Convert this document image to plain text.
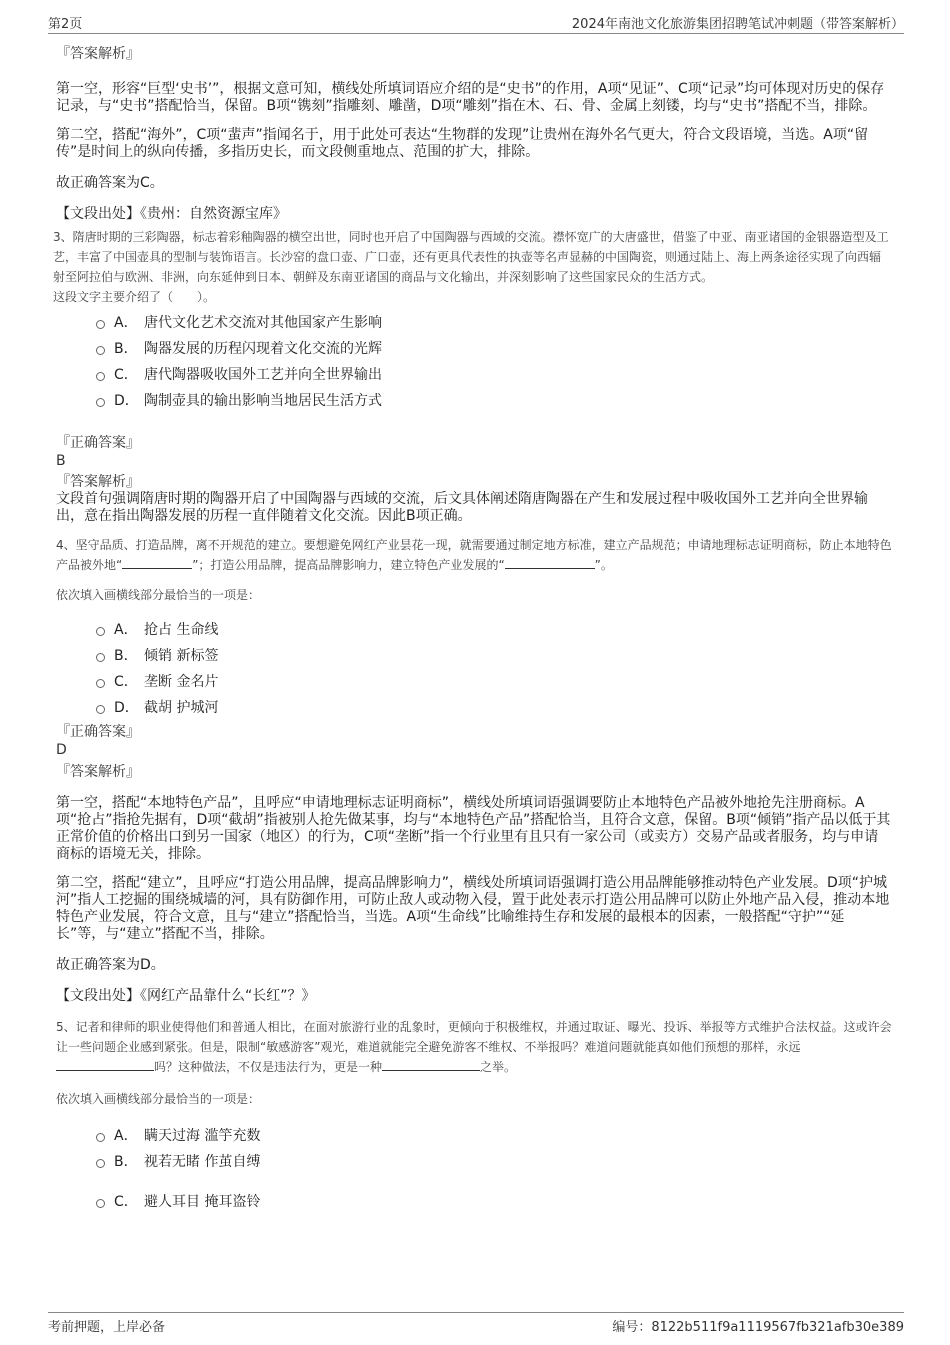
第2页	2024年南池文化旅游集团招聘笔试冲刺题（带答案解析）
『答案解析』

第一空，形容“巨型‘史书’”，根据文意可知，横线处所填词语应介绍的是“史书”的作用，A项“见证”、C项“记录”均可体现对历史的保存记录，与“史书”搭配恰当，保留。B项“镌刻”指雕刻、雕凿，D项“雕刻”指在木、石、骨、金属上刻镂，均与“史书”搭配不当，排除。

第二空，搭配“海外”，C项“蜚声”指闻名于，用于此处可表达“生物群的发现”让贵州在海外名气更大，符合文段语境，当选。A项“留传”是时间上的纵向传播，多指历史长，而文段侧重地点、范围的扩大，排除。

故正确答案为C。

【文段出处】《贵州：自然资源宝库》

3、隋唐时期的三彩陶器，标志着彩釉陶器的横空出世，同时也开启了中国陶器与西域的交流。襟怀宽广的大唐盛世，借鉴了中亚、南亚诸国的金银器造型及工艺，丰富了中国壶具的型制与装饰语言。长沙窑的盘口壶、广口壶，还有更具代表性的执壶等名声显赫的中国陶瓷，则通过陆上、海上两条途径实现了向西辐射至阿拉伯与欧洲、非洲，向东延伸到日本、朝鲜及东南亚诸国的商品与文化输出，并深刻影响了这些国家民众的生活方式。

这段文字主要介绍了（　　）。

A． 唐代文化艺术交流对其他国家产生影响
B． 陶器发展的历程闪现着文化交流的光辉
C． 唐代陶器吸收国外工艺并向全世界输出
D． 陶制壶具的输出影响当地居民生活方式
『正确答案』
B
『答案解析』

文段首句强调隋唐时期的陶器开启了中国陶器与西域的交流，后文具体阐述隋唐陶器在产生和发展过程中吸收国外工艺并向全世界输出，意在指出陶器发展的历程一直伴随着文化交流。因此B项正确。

4、坚守品质、打造品牌，离不开规范的建立。要想避免网红产业昙花一现，就需要通过制定地方标准，建立产品规范；申请地理标志证明商标，防止本地特色产品被外地“	”；打造公用品牌，提高品牌影响力，建立特色产业发展的“	”。

依次填入画横线部分最恰当的一项是：

A． 抢占 生命线
B． 倾销 新标签
C． 垄断 金名片
D． 截胡 护城河
『正确答案』
D
『答案解析』

第一空，搭配“本地特色产品”，且呼应“申请地理标志证明商标”，横线处所填词语强调要防止本地特色产品被外地抢先注册商标。A项“抢占”指抢先据有，D项“截胡”指被别人抢先做某事，均与“本地特色产品”搭配恰当，且符合文意，保留。B项“倾销”指产品以低于其正常价值的价格出口到另一国家（地区）的行为，C项“垄断”指一个行业里有且只有一家公司（或卖方）交易产品或者服务，均与申请商标的语境无关，排除。

第二空，搭配“建立”，且呼应“打造公用品牌，提高品牌影响力”，横线处所填词语强调打造公用品牌能够推动特色产业发展。D项“护城河”指人工挖掘的围绕城墙的河，具有防御作用，可防止敌人或动物入侵，置于此处表示打造公用品牌可以防止外地产品入侵，推动本地特色产业发展，符合文意，且与“建立”搭配恰当，当选。A项“生命线”比喻维持生存和发展的最根本的因素，一般搭配“守护”“延长”等，与“建立”搭配不当，排除。

故正确答案为D。

【文段出处】《网红产品靠什么“长红”？》

5、记者和律师的职业使得他们和普通人相比，在面对旅游行业的乱象时，更倾向于积极维权，并通过取证、曝光、投诉、举报等方式维护合法权益。这或许会让一些问题企业感到紧张。但是，限制“敏感游客”观光，难道就能完全避免游客不维权、不举报吗？难道问题就能真如他们预想的那样，永远吗？这种做法，不仅是违法行为，更是一种	之举。

依次填入画横线部分最恰当的一项是：

A． 瞒天过海 滥竽充数
B． 视若无睹 作茧自缚
C． 避人耳目 掩耳盗铃
考前押题，上岸必备	编号：8122b511f9a1119567fb321afb30e389
